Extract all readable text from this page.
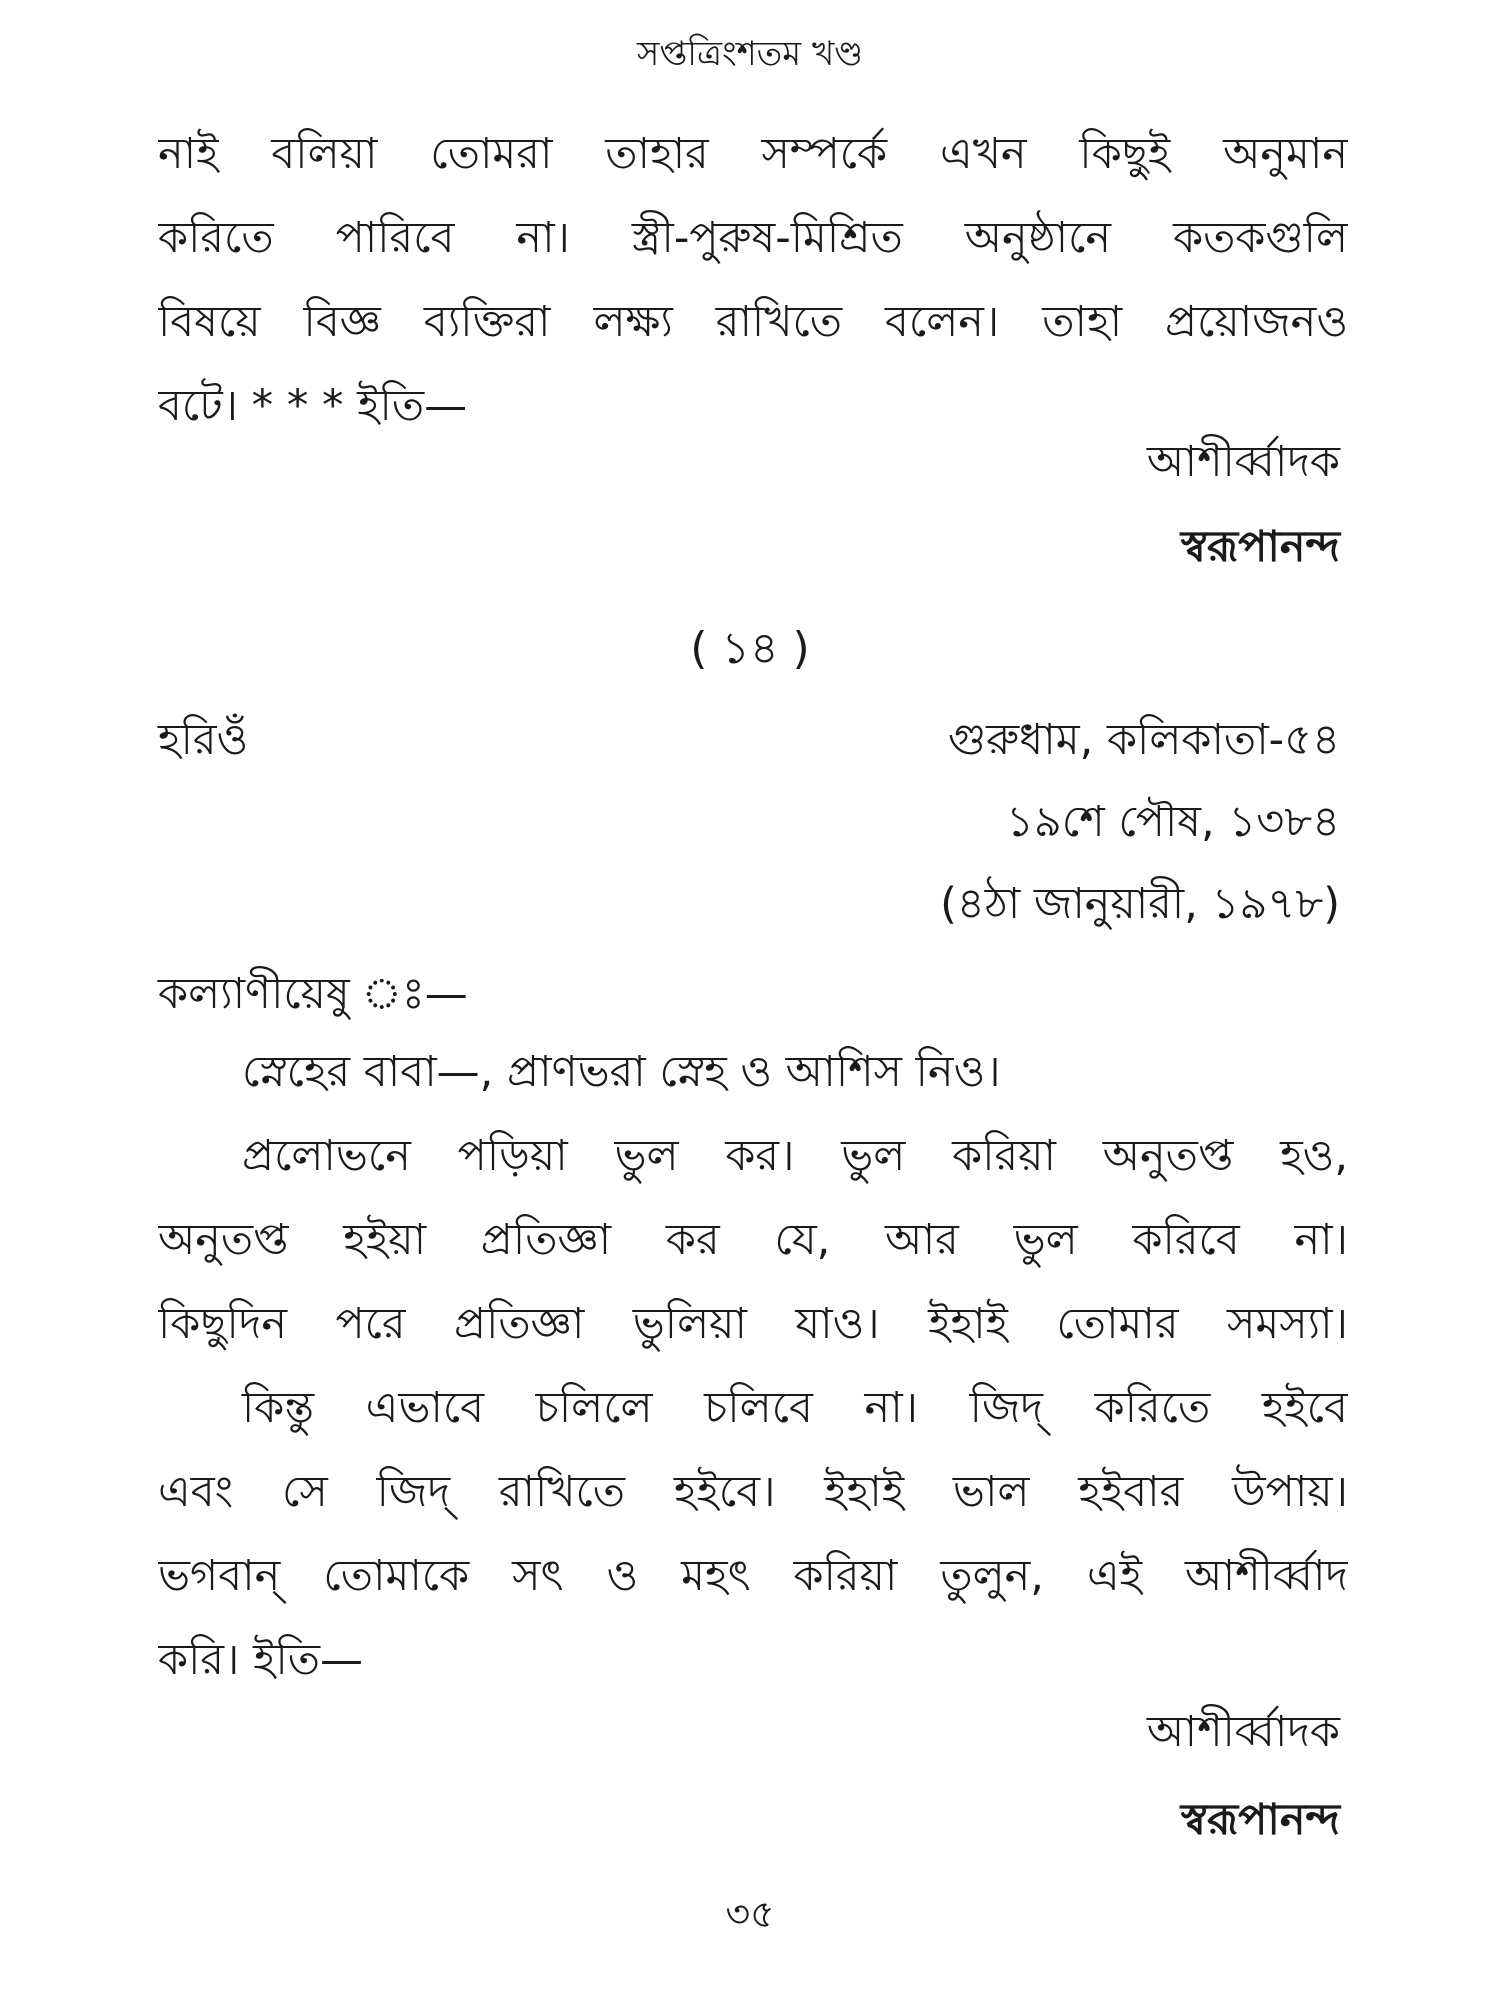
সপ্তত্রিংশতম খণ্ড
নাই বলিয়া তোমরা তাহার সম্পর্কে এখন কিছুই অনুমান
করিতে পারিবে না। স্ত্রী-পুরুষ-মিশ্রিত অনুষ্ঠানে কতকগুলি
বিষয়ে বিজ্ঞ ব্যক্তিরা লক্ষ্য রাখিতে বলেন। তাহা প্রয়োজনও
বটে। * * * ইতি—
আশীর্ব্বাদক
স্বরূপানন্দ
( ১৪ )
হরিওঁ	গুরুধাম, কলিকাতা-৫৪
১৯শে পৌষ, ১৩৮৪
(৪ঠা জানুয়ারী, ১৯৭৮)
কল্যাণীয়েষু ঃ—
স্নেহের বাবা—, প্রাণভরা স্নেহ ও আশিস নিও।
প্রলোভনে পড়িয়া ভুল কর। ভুল করিয়া অনুতপ্ত হও,
অনুতপ্ত হইয়া প্রতিজ্ঞা কর যে, আর ভুল করিবে না।
কিছুদিন পরে প্রতিজ্ঞা ভুলিয়া যাও। ইহাই তোমার সমস্যা।
কিন্তু এভাবে চলিলে চলিবে না। জিদ্ করিতে হইবে
এবং সে জিদ্ রাখিতে হইবে। ইহাই ভাল হইবার উপায়।
ভগবান্ তোমাকে সৎ ও মহৎ করিয়া তুলুন, এই আশীর্ব্বাদ
করি। ইতি—
আশীর্ব্বাদক
স্বরূপানন্দ
৩৫
